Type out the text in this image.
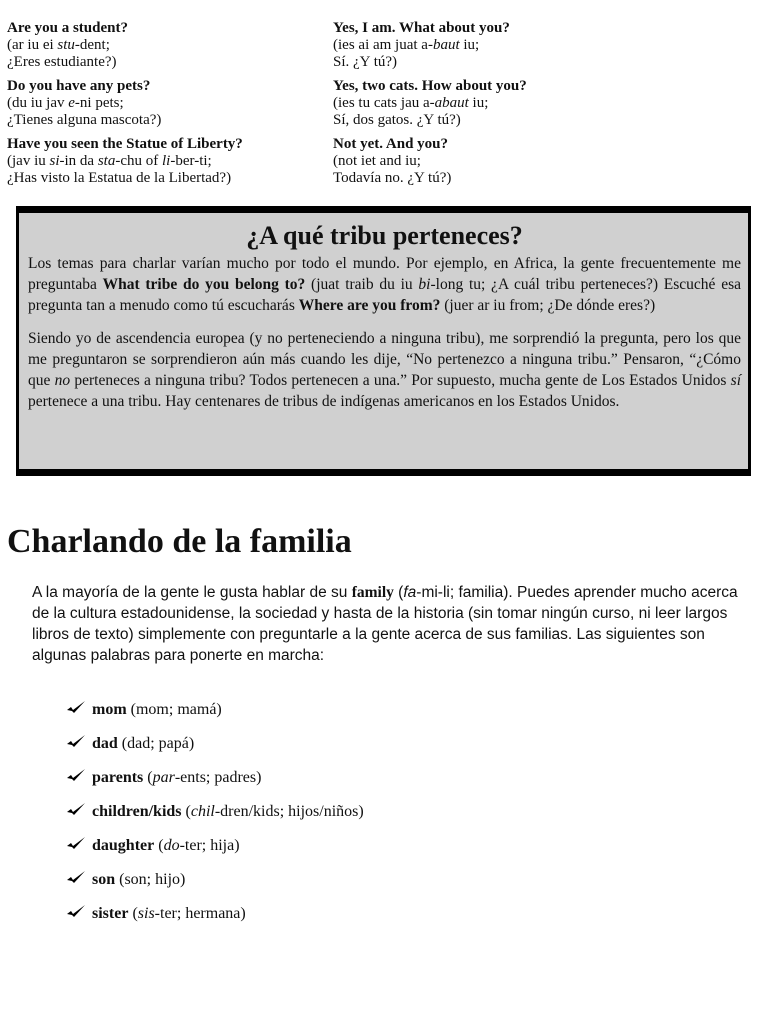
Are you a student?
(ar iu ei stu-dent;
¿Eres estudiante?)
Yes, I am. What about you?
(ies ai am juat a-baut iu;
Sí. ¿Y tú?)
Do you have any pets?
(du iu jav e-ni pets;
¿Tienes alguna mascota?)
Yes, two cats. How about you?
(ies tu cats jau a-abaut iu;
Sí, dos gatos. ¿Y tú?)
Have you seen the Statue of Liberty?
(jav iu si-in da sta-chu of li-ber-ti;
¿Has visto la Estatua de la Libertad?)
Not yet. And you?
(not iet and iu;
Todavía no. ¿Y tú?)
¿A qué tribu perteneces?

Los temas para charlar varían mucho por todo el mundo. Por ejemplo, en Africa, la gente frecuentemente me preguntaba What tribe do you belong to? (juat traib du iu bi-long tu; ¿A cuál tribu perteneces?) Escuché esa pregunta tan a menudo como tú escucharás Where are you from? (juer ar iu from; ¿De dónde eres?)

Siendo yo de ascendencia europea (y no perteneciendo a ninguna tribu), me sorprendió la pregunta, pero los que me preguntaron se sorprendieron aún más cuando les dije, “No pertenezco a ninguna tribu.” Pensaron, “¿Cómo que no perteneces a ninguna tribu? Todos pertenecen a una.” Por supuesto, mucha gente de Los Estados Unidos sí pertenece a una tribu. Hay centenares de tribus de indígenas americanos en los Estados Unidos.

Charlando de la familia

A la mayoría de la gente le gusta hablar de su family (fa-mi-li; familia). Puedes aprender mucho acerca de la cultura estadounidense, la sociedad y hasta de la historia (sin tomar ningún curso, ni leer largos libros de texto) simplemente con preguntarle a la gente acerca de sus familias. Las siguientes son algunas palabras para ponerte en marcha:

mom (mom; mamá)
dad (dad; papá)
parents (par-ents; padres)
children/kids (chil-dren/kids; hijos/niños)
daughter (do-ter; hija)
son (son; hijo)
sister (sis-ter; hermana)
